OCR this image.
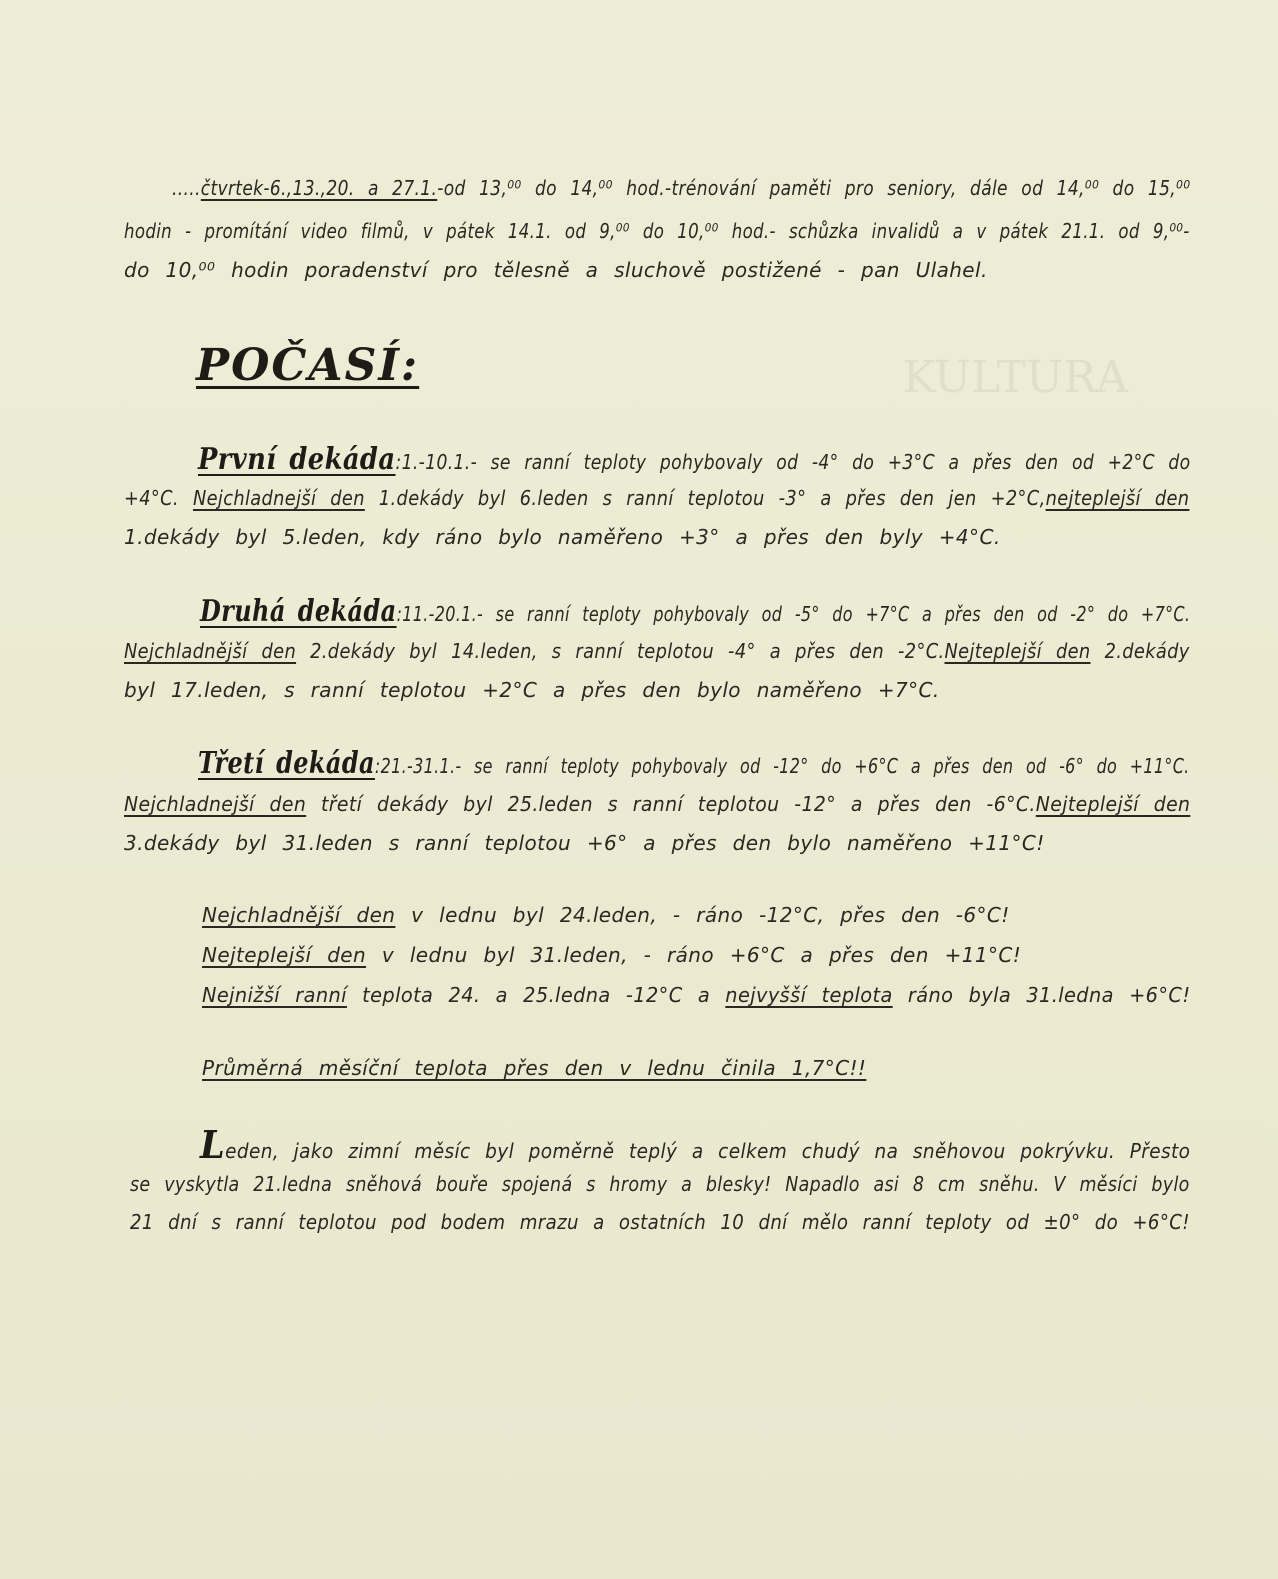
KULTURA
.....čtvrtek-6.,13.,20. a 27.1.-od 13,⁰⁰ do 14,⁰⁰ hod.-trénování paměti pro seniory, dále od 14,⁰⁰ do 15,⁰⁰
hodin - promítání video filmů, v pátek 14.1. od 9,⁰⁰ do 10,⁰⁰ hod.- schůzka invalidů a v pátek 21.1. od 9,⁰⁰-
do 10,⁰⁰ hodin poradenství pro tělesně a sluchově postižené - pan Ulahel.
POČASÍ:
První dekáda:1.-10.1.- se ranní teploty pohybovaly od -4° do +3°C a přes den od +2°C do
+4°C. Nejchladnejší den 1.dekády byl 6.leden s ranní teplotou -3° a přes den jen +2°C,nejteplejší den
1.dekády byl 5.leden, kdy ráno bylo naměřeno +3° a přes den byly +4°C.
Druhá dekáda:11.-20.1.- se ranní teploty pohybovaly od -5° do +7°C a přes den od -2° do +7°C.
Nejchladnější den 2.dekády byl 14.leden, s ranní teplotou -4° a přes den -2°C.Nejteplejší den 2.dekády
byl 17.leden, s ranní teplotou +2°C a přes den bylo naměřeno +7°C.
Třetí dekáda:21.-31.1.- se ranní teploty pohybovaly od -12° do +6°C a přes den od -6° do +11°C.
Nejchladnejší den třetí dekády byl 25.leden s ranní teplotou -12° a přes den -6°C.Nejteplejší den
3.dekády byl 31.leden s ranní teplotou +6° a přes den bylo naměřeno +11°C!
Nejchladnější den v lednu byl 24.leden, - ráno -12°C, přes den -6°C!
Nejteplejší den v lednu byl 31.leden, - ráno +6°C a přes den +11°C!
Nejnižší ranní teplota 24. a 25.ledna -12°C a nejvyšší teplota ráno byla 31.ledna +6°C!
Průměrná měsíční teplota přes den v lednu činila 1,7°C!!
Leden, jako zimní měsíc byl poměrně teplý a celkem chudý na sněhovou pokrývku. Přesto
se vyskytla 21.ledna sněhová bouře spojená s hromy a blesky! Napadlo asi 8 cm sněhu. V měsíci bylo
21 dní s ranní teplotou pod bodem mrazu a ostatních 10 dní mělo ranní teploty od ±0° do +6°C!
